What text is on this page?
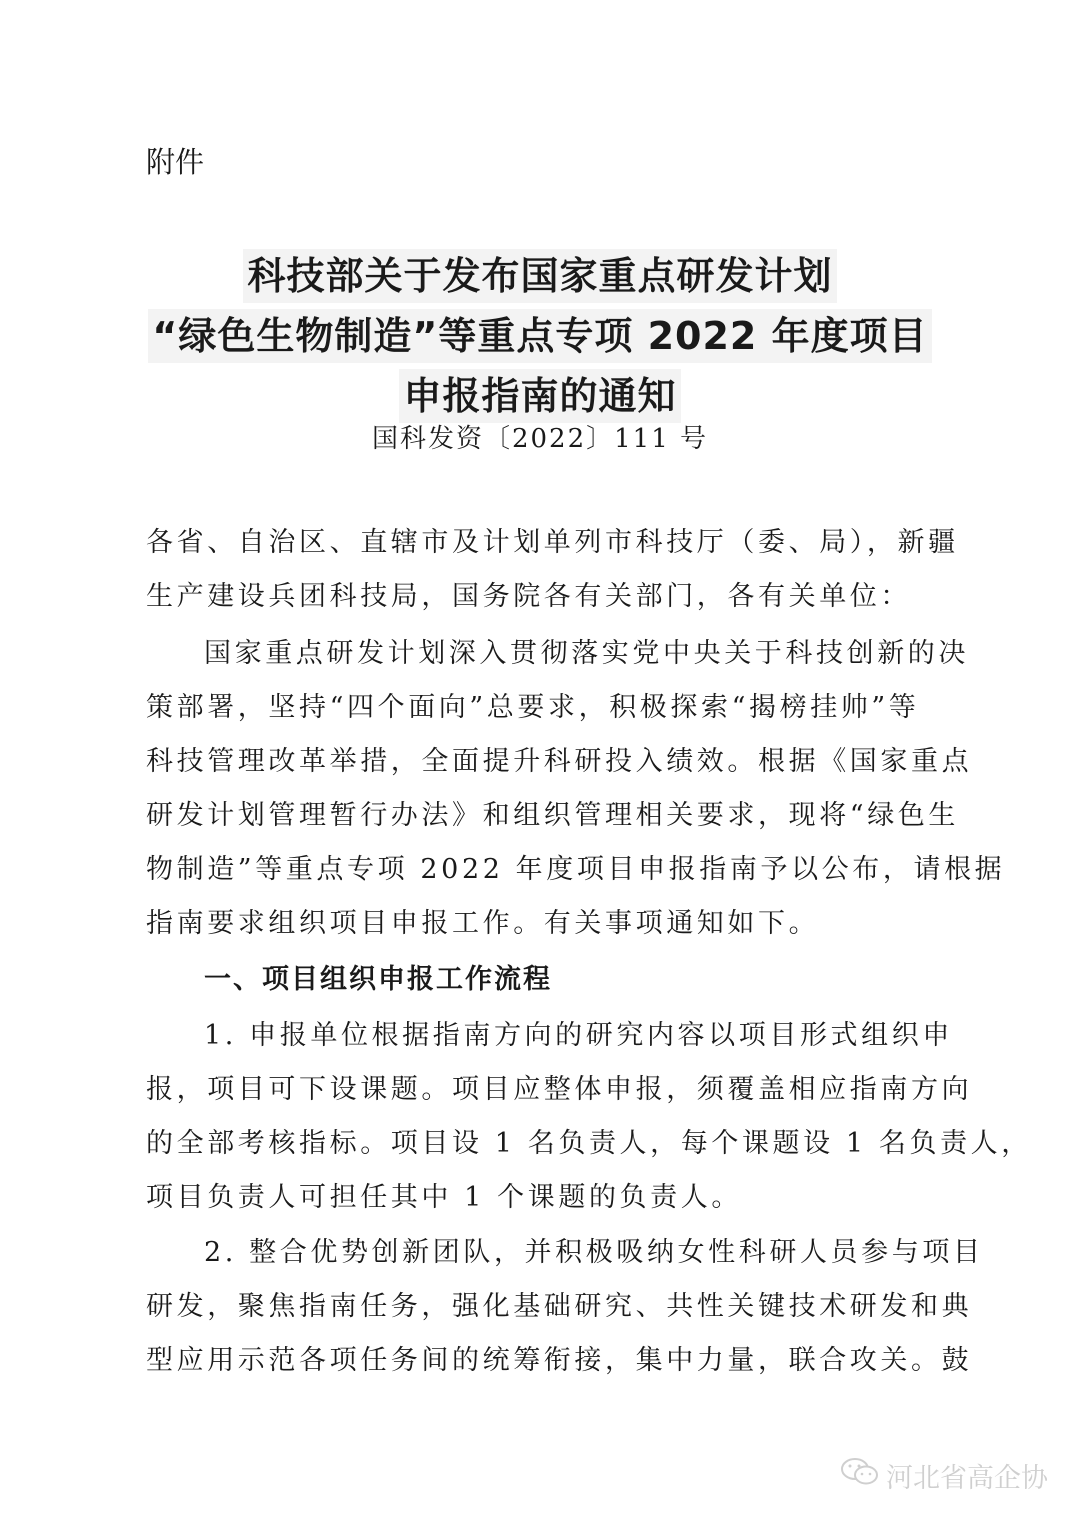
附件
科技部关于发布国家重点研发计划
“绿色生物制造”等重点专项 2022 年度项目
申报指南的通知
国科发资〔2022〕111 号
各省、自治区、直辖市及计划单列市科技厅（委、局），新疆
生产建设兵团科技局，国务院各有关部门，各有关单位：
国家重点研发计划深入贯彻落实党中央关于科技创新的决
策部署，坚持“四个面向”总要求，积极探索“揭榜挂帅”等
科技管理改革举措，全面提升科研投入绩效。根据《国家重点
研发计划管理暂行办法》和组织管理相关要求，现将“绿色生
物制造”等重点专项 2022 年度项目申报指南予以公布，请根据
指南要求组织项目申报工作。有关事项通知如下。
一、项目组织申报工作流程
1. 申报单位根据指南方向的研究内容以项目形式组织申
报，项目可下设课题。项目应整体申报，须覆盖相应指南方向
的全部考核指标。项目设 1 名负责人，每个课题设 1 名负责人，
项目负责人可担任其中 1 个课题的负责人。
2. 整合优势创新团队，并积极吸纳女性科研人员参与项目
研发，聚焦指南任务，强化基础研究、共性关键技术研发和典
型应用示范各项任务间的统筹衔接，集中力量，联合攻关。鼓
河北省高企协
